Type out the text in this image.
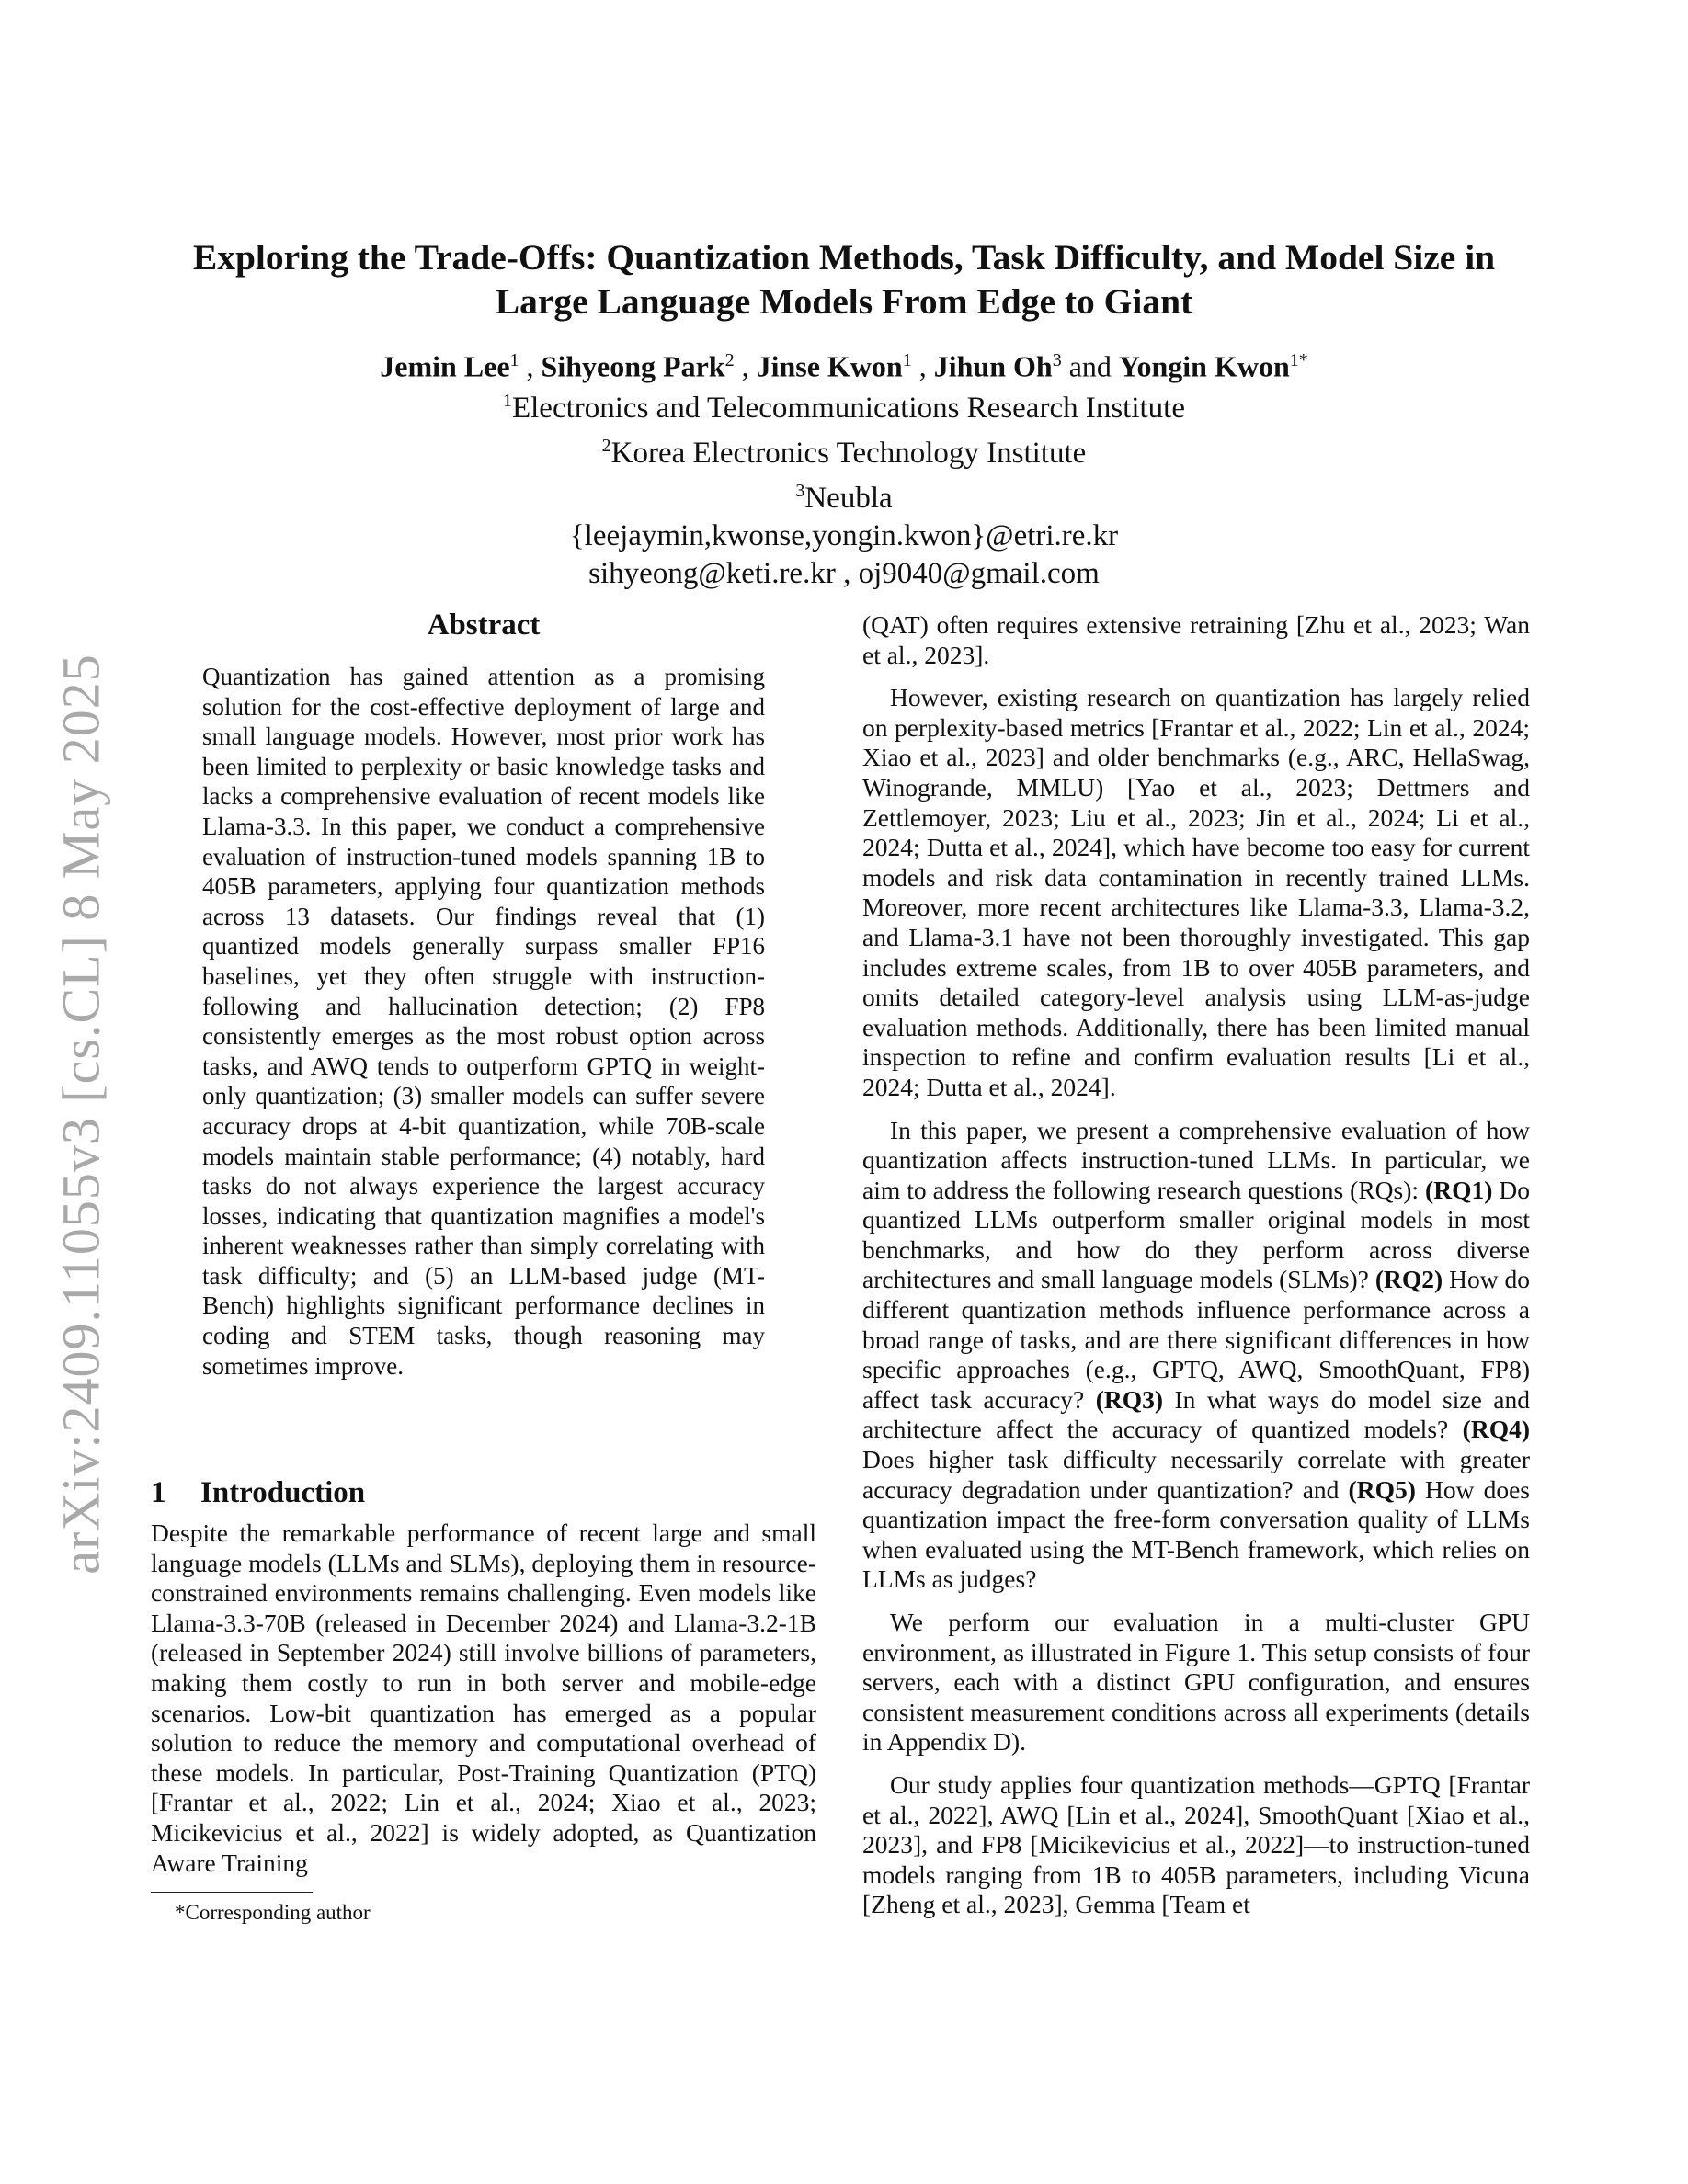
arXiv:2409.11055v3 [cs.CL] 8 May 2025
Exploring the Trade-Offs: Quantization Methods, Task Difficulty, and Model Size in
Large Language Models From Edge to Giant
Jemin Lee$^1$ , Sihyeong Park$^2$ , Jinse Kwon$^1$ , Jihun Oh$^3$ and Yongin Kwon$^{1*}$
$^1$Electronics and Telecommunications Research Institute
$^2$Korea Electronics Technology Institute
$^3$Neubla
{leejaymin,kwonse,yongin.kwon}@etri.re.kr
sihyeong@keti.re.kr , oj9040@gmail.com
Abstract

Quantization has gained attention as a promising solution for the cost-effective deployment of large and small language models. However, most prior work has been limited to perplexity or basic knowledge tasks and lacks a comprehensive evaluation of recent models like Llama-3.3. In this paper, we conduct a comprehensive evaluation of instruction-tuned models spanning 1B to 405B parameters, applying four quantization methods across 13 datasets. Our findings reveal that (1) quantized models generally surpass smaller FP16 baselines, yet they often struggle with instruction-following and hallucination detection; (2) FP8 consistently emerges as the most robust option across tasks, and AWQ tends to outperform GPTQ in weight-only quantization; (3) smaller models can suffer severe accuracy drops at 4-bit quantization, while 70B-scale models maintain stable performance; (4) notably, hard tasks do not always experience the largest accuracy losses, indicating that quantization magnifies a model's inherent weaknesses rather than simply correlating with task difficulty; and (5) an LLM-based judge (MT-Bench) highlights significant performance declines in coding and STEM tasks, though reasoning may sometimes improve.

1 Introduction

Despite the remarkable performance of recent large and small language models (LLMs and SLMs), deploying them in resource-constrained environments remains challenging. Even models like Llama-3.3-70B (released in December 2024) and Llama-3.2-1B (released in September 2024) still involve billions of parameters, making them costly to run in both server and mobile-edge scenarios. Low-bit quantization has emerged as a popular solution to reduce the memory and computational overhead of these models. In particular, Post-Training Quantization (PTQ) [Frantar et al., 2022; Lin et al., 2024; Xiao et al., 2023; Micikevicius et al., 2022] is widely adopted, as Quantization Aware Training

*Corresponding author

(QAT) often requires extensive retraining [Zhu et al., 2023; Wan et al., 2023].

However, existing research on quantization has largely relied on perplexity-based metrics [Frantar et al., 2022; Lin et al., 2024; Xiao et al., 2023] and older benchmarks (e.g., ARC, HellaSwag, Winogrande, MMLU) [Yao et al., 2023; Dettmers and Zettlemoyer, 2023; Liu et al., 2023; Jin et al., 2024; Li et al., 2024; Dutta et al., 2024], which have become too easy for current models and risk data contamination in recently trained LLMs. Moreover, more recent architectures like Llama-3.3, Llama-3.2, and Llama-3.1 have not been thoroughly investigated. This gap includes extreme scales, from 1B to over 405B parameters, and omits detailed category-level analysis using LLM-as-judge evaluation methods. Additionally, there has been limited manual inspection to refine and confirm evaluation results [Li et al., 2024; Dutta et al., 2024].

In this paper, we present a comprehensive evaluation of how quantization affects instruction-tuned LLMs. In particular, we aim to address the following research questions (RQs): (RQ1) Do quantized LLMs outperform smaller original models in most benchmarks, and how do they perform across diverse architectures and small language models (SLMs)? (RQ2) How do different quantization methods influence performance across a broad range of tasks, and are there significant differences in how specific approaches (e.g., GPTQ, AWQ, SmoothQuant, FP8) affect task accuracy? (RQ3) In what ways do model size and architecture affect the accuracy of quantized models? (RQ4) Does higher task difficulty necessarily correlate with greater accuracy degradation under quantization? and (RQ5) How does quantization impact the free-form conversation quality of LLMs when evaluated using the MT-Bench framework, which relies on LLMs as judges?

We perform our evaluation in a multi-cluster GPU environment, as illustrated in Figure 1. This setup consists of four servers, each with a distinct GPU configuration, and ensures consistent measurement conditions across all experiments (details in Appendix D).

Our study applies four quantization methods—GPTQ [Frantar et al., 2022], AWQ [Lin et al., 2024], SmoothQuant [Xiao et al., 2023], and FP8 [Micikevicius et al., 2022]—to instruction-tuned models ranging from 1B to 405B parameters, including Vicuna [Zheng et al., 2023], Gemma [Team et
